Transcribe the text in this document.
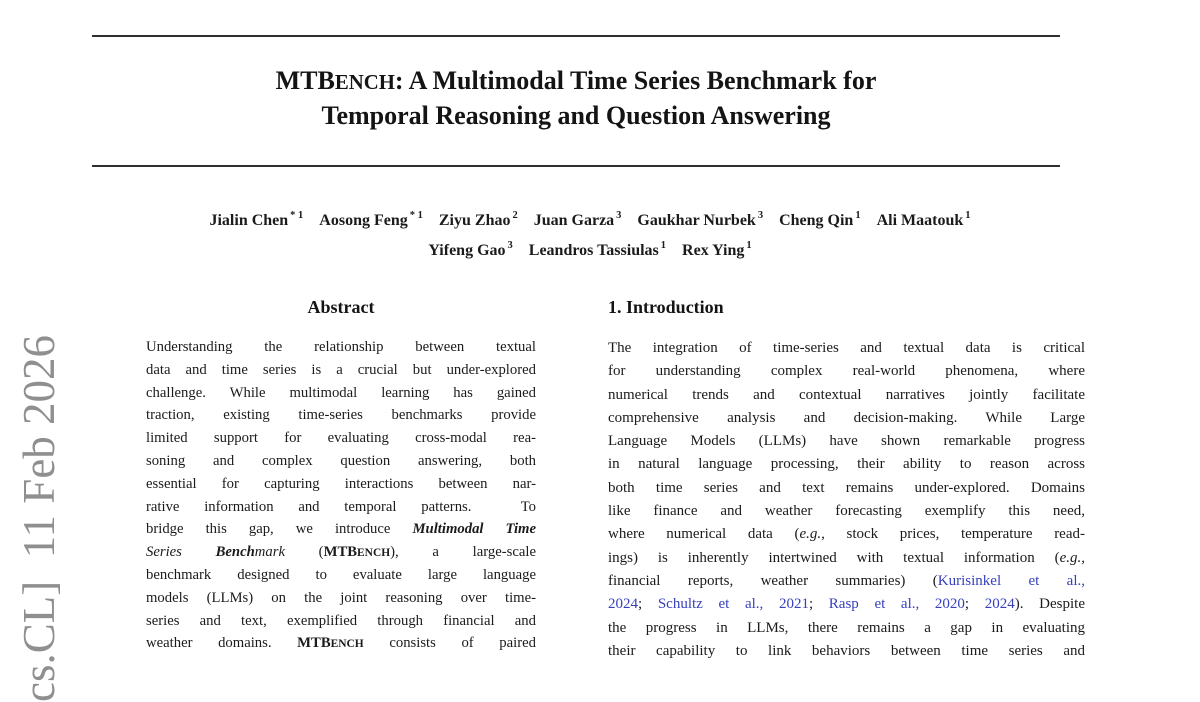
cs.CL]  11 Feb 2026
MTBENCH: A Multimodal Time Series Benchmark for
Temporal Reasoning and Question Answering
Jialin Chen $^{* 1}$ Aosong Feng $^{* 1}$ Ziyu Zhao $^2$ Juan Garza $^3$ Gaukhar Nurbek $^3$ Cheng Qin $^1$ Ali Maatouk $^1$
Yifeng Gao $^3$ Leandros Tassiulas $^1$ Rex Ying $^1$
Abstract
Understanding the relationship between textual
data and time series is a crucial but under-explored
challenge. While multimodal learning has gained
traction, existing time-series benchmarks provide
limited support for evaluating cross-modal rea-
soning and complex question answering, both
essential for capturing interactions between nar-
rative information and temporal patterns.  To
bridge this gap, we introduce Multimodal Time
Series Benchmark (MTBENCH), a large-scale
benchmark designed to evaluate large language
models (LLMs) on the joint reasoning over time-
series and text, exemplified through financial and
weather domains. MTBENCH consists of paired
1. Introduction
The integration of time-series and textual data is critical
for understanding complex real-world phenomena, where
numerical trends and contextual narratives jointly facilitate
comprehensive analysis and decision-making. While Large
Language Models (LLMs) have shown remarkable progress
in natural language processing, their ability to reason across
both time series and text remains under-explored. Domains
like finance and weather forecasting exemplify this need,
where numerical data (e.g., stock prices, temperature read-
ings) is inherently intertwined with textual information (e.g.,
financial reports, weather summaries) (Kurisinkel et al.,
2024; Schultz et al., 2021; Rasp et al., 2020; 2024). Despite
the progress in LLMs, there remains a gap in evaluating
their capability to link behaviors between time series and
